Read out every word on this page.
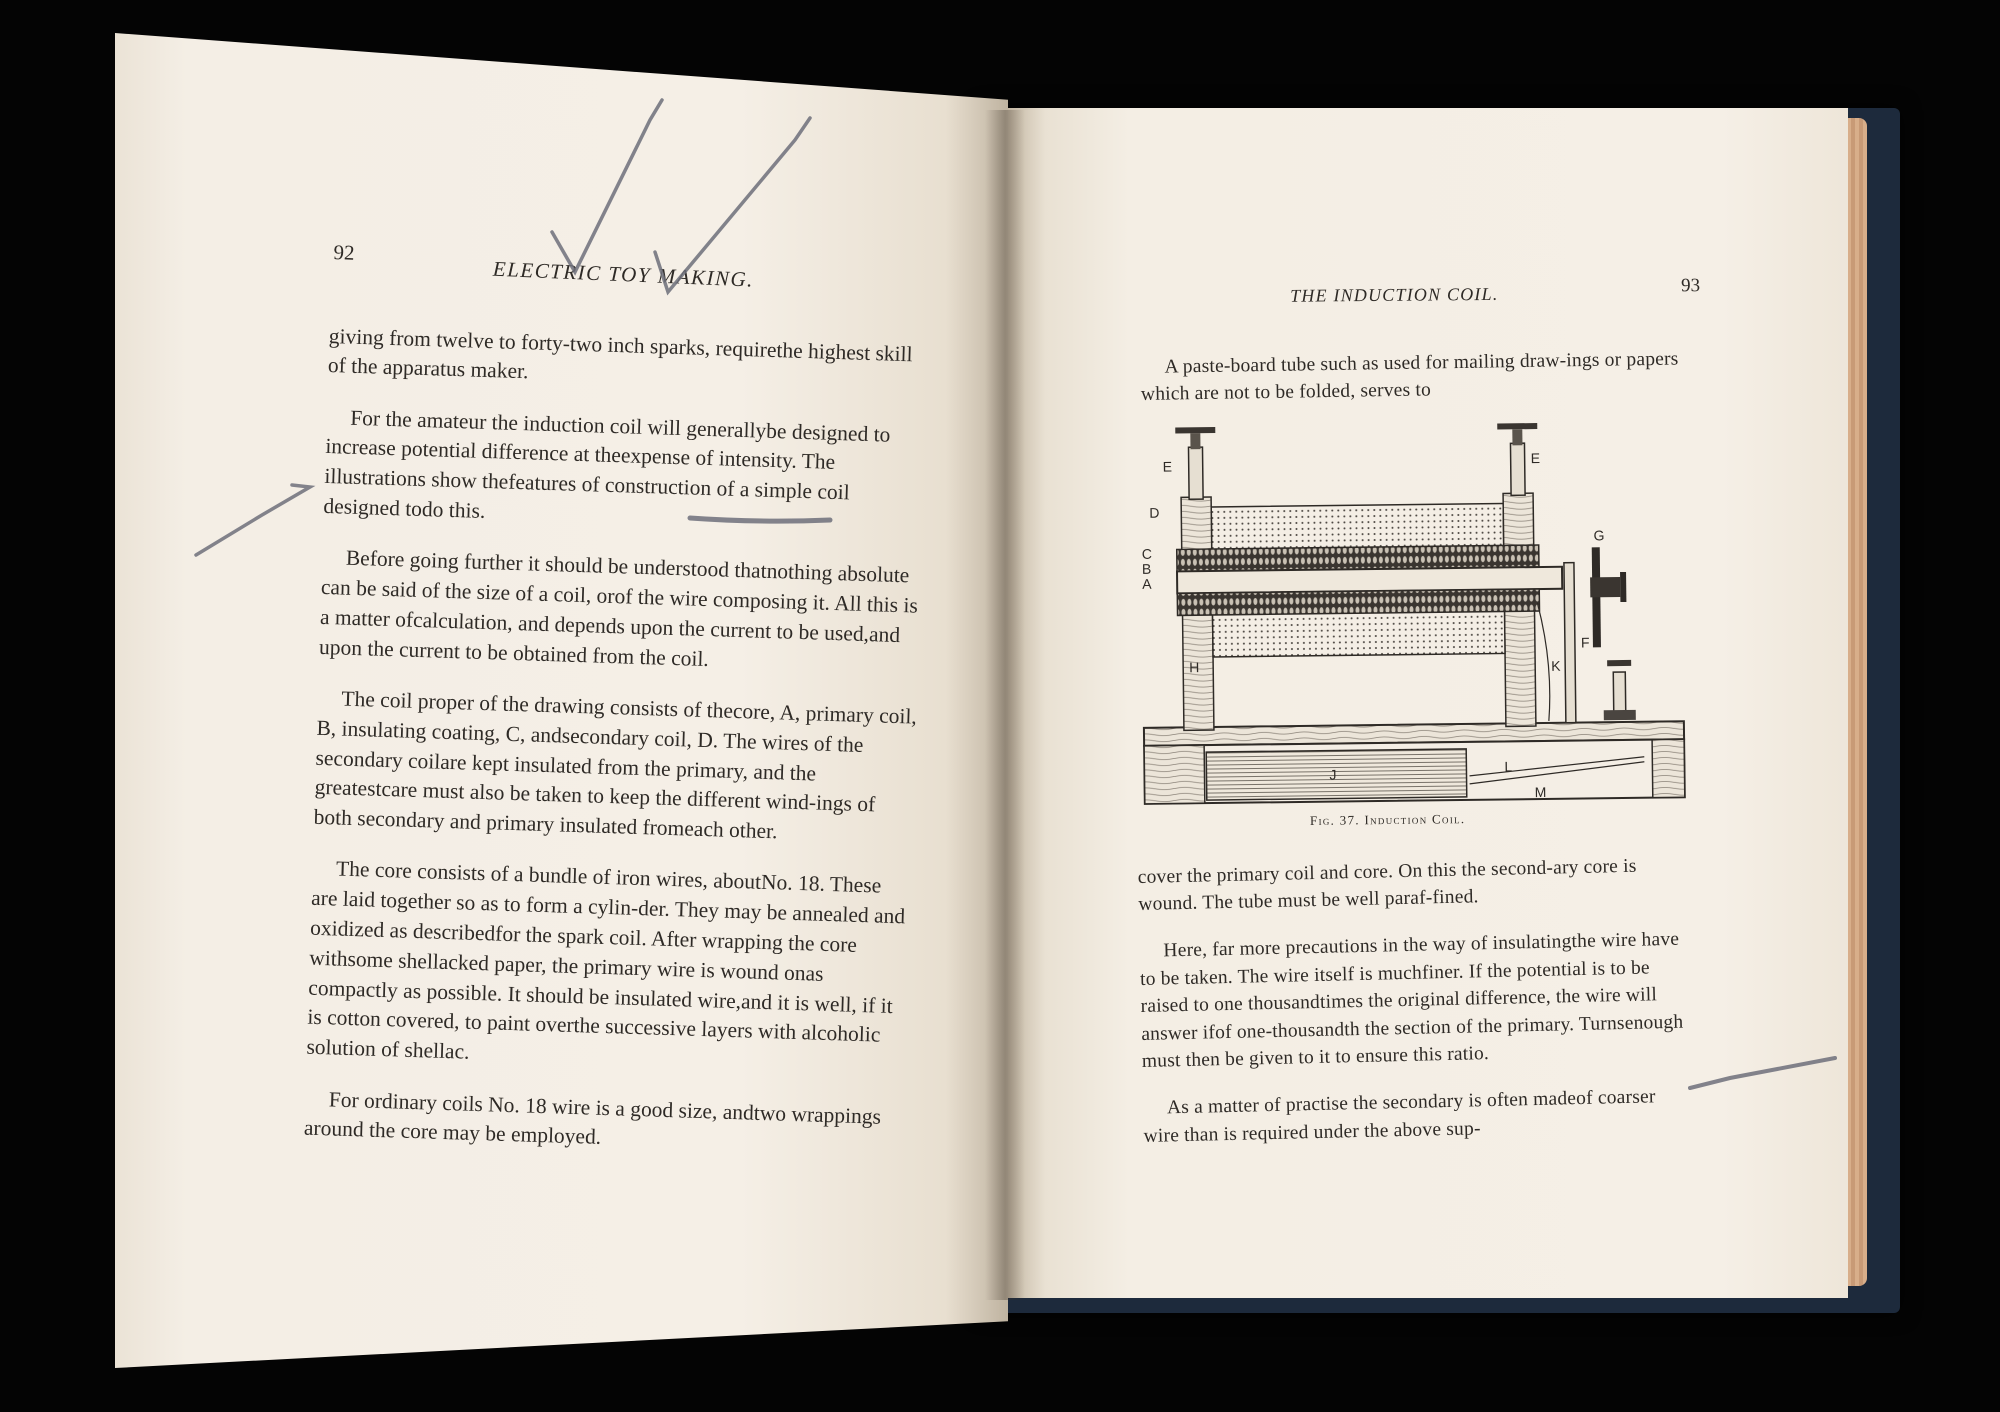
92
ELECTRIC TOY MAKING.

giving from twelve to forty-two inch sparks, requirethe highest skill of the apparatus maker.

For the amateur the induction coil will generallybe designed to increase potential difference at theexpense of intensity. The illustrations show thefeatures of construction of a simple coil designed todo this.

Before going further it should be understood thatnothing absolute can be said of the size of a coil, orof the wire composing it. All this is a matter ofcalculation, and depends upon the current to be used,and upon the current to be obtained from the coil.

The coil proper of the drawing consists of thecore, A, primary coil, B, insulating coating, C, andsecondary coil, D. The wires of the secondary coilare kept insulated from the primary, and the greatestcare must also be taken to keep the different wind-ings of both secondary and primary insulated fromeach other.

The core consists of a bundle of iron wires, aboutNo. 18. These are laid together so as to form a cylin-der. They may be annealed and oxidized as describedfor the spark coil. After wrapping the core withsome shellacked paper, the primary wire is wound onas compactly as possible. It should be insulated wire,and it is well, if it is cotton covered, to paint overthe successive layers with alcoholic solution of shellac.

For ordinary coils No. 18 wire is a good size, andtwo wrappings around the core may be employed.

THE INDUCTION COIL.	93

A paste-board tube such as used for mailing draw-ings or papers which are not to be folded, serves to

E
E
D
C
B
A
G
F
K
H
J
L
M
Fig. 37. Induction Coil.

cover the primary coil and core. On this the second-ary core is wound. The tube must be well paraf-fined.

Here, far more precautions in the way of insulatingthe wire have to be taken. The wire itself is muchfiner. If the potential is to be raised to one thousandtimes the original difference, the wire will answer ifof one-thousandth the section of the primary. Turnsenough must then be given to it to ensure this ratio.

As a matter of practise the secondary is often madeof coarser wire than is required under the above sup-
